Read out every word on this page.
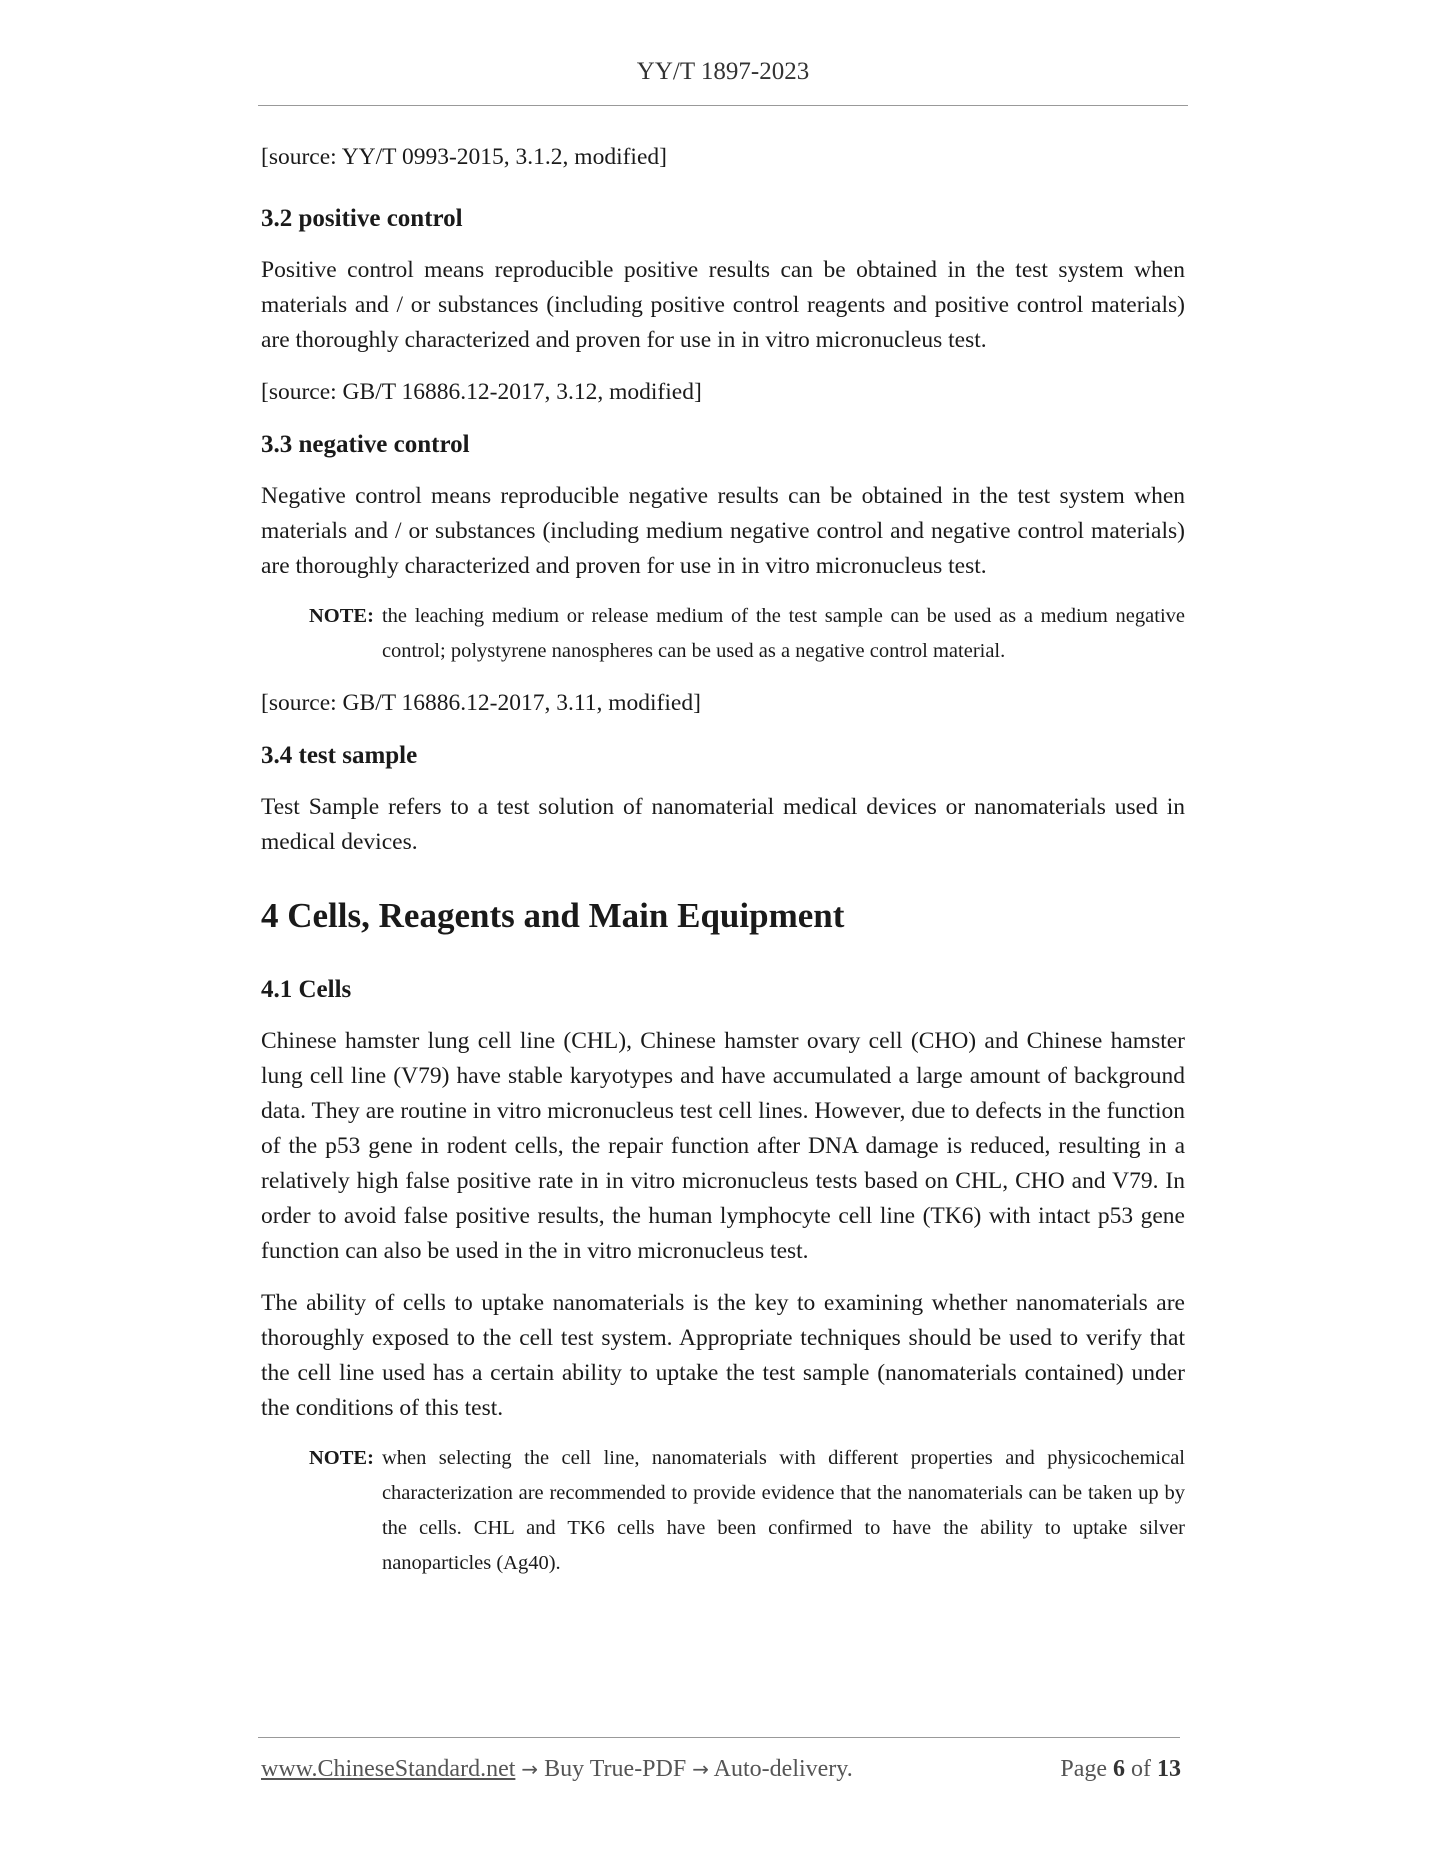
YY/T 1897-2023

[source: YY/T 0993-2015, 3.1.2, modified]

3.2 positive control

Positive control means reproducible positive results can be obtained in the test system when materials and / or substances (including positive control reagents and positive control materials) are thoroughly characterized and proven for use in in vitro micronucleus test.

[source: GB/T 16886.12-2017, 3.12, modified]

3.3 negative control

Negative control means reproducible negative results can be obtained in the test system when materials and / or substances (including medium negative control and negative control materials) are thoroughly characterized and proven for use in in vitro micronucleus test.

NOTE: the leaching medium or release medium of the test sample can be used as a medium negative control; polystyrene nanospheres can be used as a negative control material.

[source: GB/T 16886.12-2017, 3.11, modified]

3.4 test sample

Test Sample refers to a test solution of nanomaterial medical devices or nanomaterials used in medical devices.

4 Cells, Reagents and Main Equipment

4.1 Cells

Chinese hamster lung cell line (CHL), Chinese hamster ovary cell (CHO) and Chinese hamster lung cell line (V79) have stable karyotypes and have accumulated a large amount of background data. They are routine in vitro micronucleus test cell lines. However, due to defects in the function of the p53 gene in rodent cells, the repair function after DNA damage is reduced, resulting in a relatively high false positive rate in in vitro micronucleus tests based on CHL, CHO and V79. In order to avoid false positive results, the human lymphocyte cell line (TK6) with intact p53 gene function can also be used in the in vitro micronucleus test.

The ability of cells to uptake nanomaterials is the key to examining whether nanomaterials are thoroughly exposed to the cell test system. Appropriate techniques should be used to verify that the cell line used has a certain ability to uptake the test sample (nanomaterials contained) under the conditions of this test.

NOTE: when selecting the cell line, nanomaterials with different properties and physicochemical characterization are recommended to provide evidence that the nanomaterials can be taken up by the cells. CHL and TK6 cells have been confirmed to have the ability to uptake silver nanoparticles (Ag40).
www.ChineseStandard.net → Buy True-PDF → Auto-delivery.	Page 6 of 13
